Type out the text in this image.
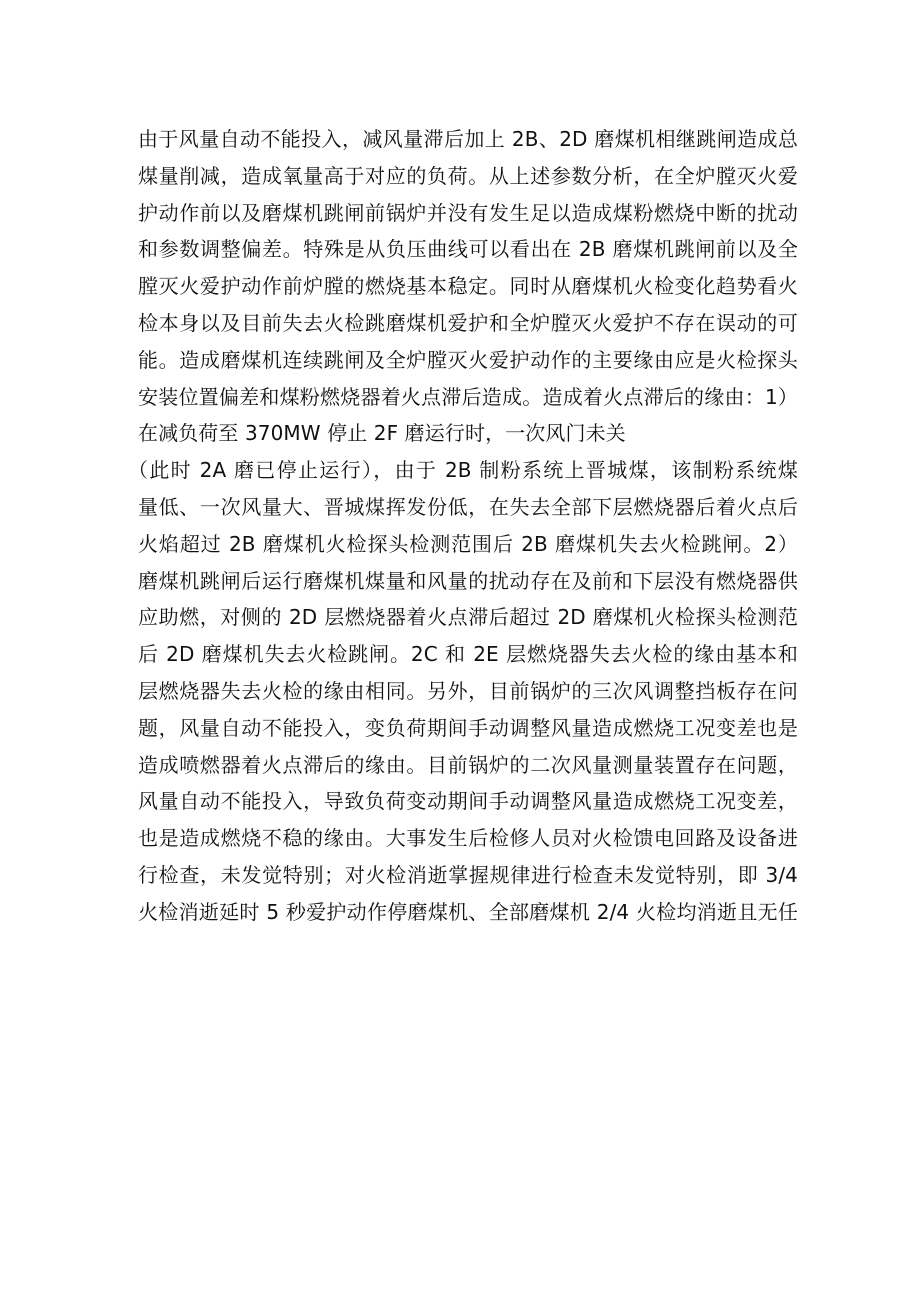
由于风量自动不能投入，减风量滞后加上 2B、2D 磨煤机相继跳闸造成总
煤量削减，造成氧量高于对应的负荷。从上述参数分析，在全炉膛灭火爱
护动作前以及磨煤机跳闸前锅炉并没有发生足以造成煤粉燃烧中断的扰动
和参数调整偏差。特殊是从负压曲线可以看出在 2B 磨煤机跳闸前以及全
膛灭火爱护动作前炉膛的燃烧基本稳定。同时从磨煤机火检变化趋势看火
检本身以及目前失去火检跳磨煤机爱护和全炉膛灭火爱护不存在误动的可
能。造成磨煤机连续跳闸及全炉膛灭火爱护动作的主要缘由应是火检探头
安装位置偏差和煤粉燃烧器着火点滞后造成。造成着火点滞后的缘由：1）
在减负荷至 370MW 停止 2F 磨运行时，一次风门未关
（此时 2A 磨已停止运行），由于 2B 制粉系统上晋城煤，该制粉系统煤
量低、一次风量大、晋城煤挥发份低，在失去全部下层燃烧器后着火点后
火焰超过 2B 磨煤机火检探头检测范围后 2B 磨煤机失去火检跳闸。2）
磨煤机跳闸后运行磨煤机煤量和风量的扰动存在及前和下层没有燃烧器供
应助燃，对侧的 2D 层燃烧器着火点滞后超过 2D 磨煤机火检探头检测范
后 2D 磨煤机失去火检跳闸。2C 和 2E 层燃烧器失去火检的缘由基本和
层燃烧器失去火检的缘由相同。另外，目前锅炉的三次风调整挡板存在问
题，风量自动不能投入，变负荷期间手动调整风量造成燃烧工况变差也是
造成喷燃器着火点滞后的缘由。目前锅炉的二次风量测量装置存在问题，
风量自动不能投入，导致负荷变动期间手动调整风量造成燃烧工况变差，
也是造成燃烧不稳的缘由。大事发生后检修人员对火检馈电回路及设备进
行检查，未发觉特别；对火检消逝掌握规律进行检查未发觉特别，即 3/4
火检消逝延时 5 秒爱护动作停磨煤机、全部磨煤机 2/4 火检均消逝且无任
